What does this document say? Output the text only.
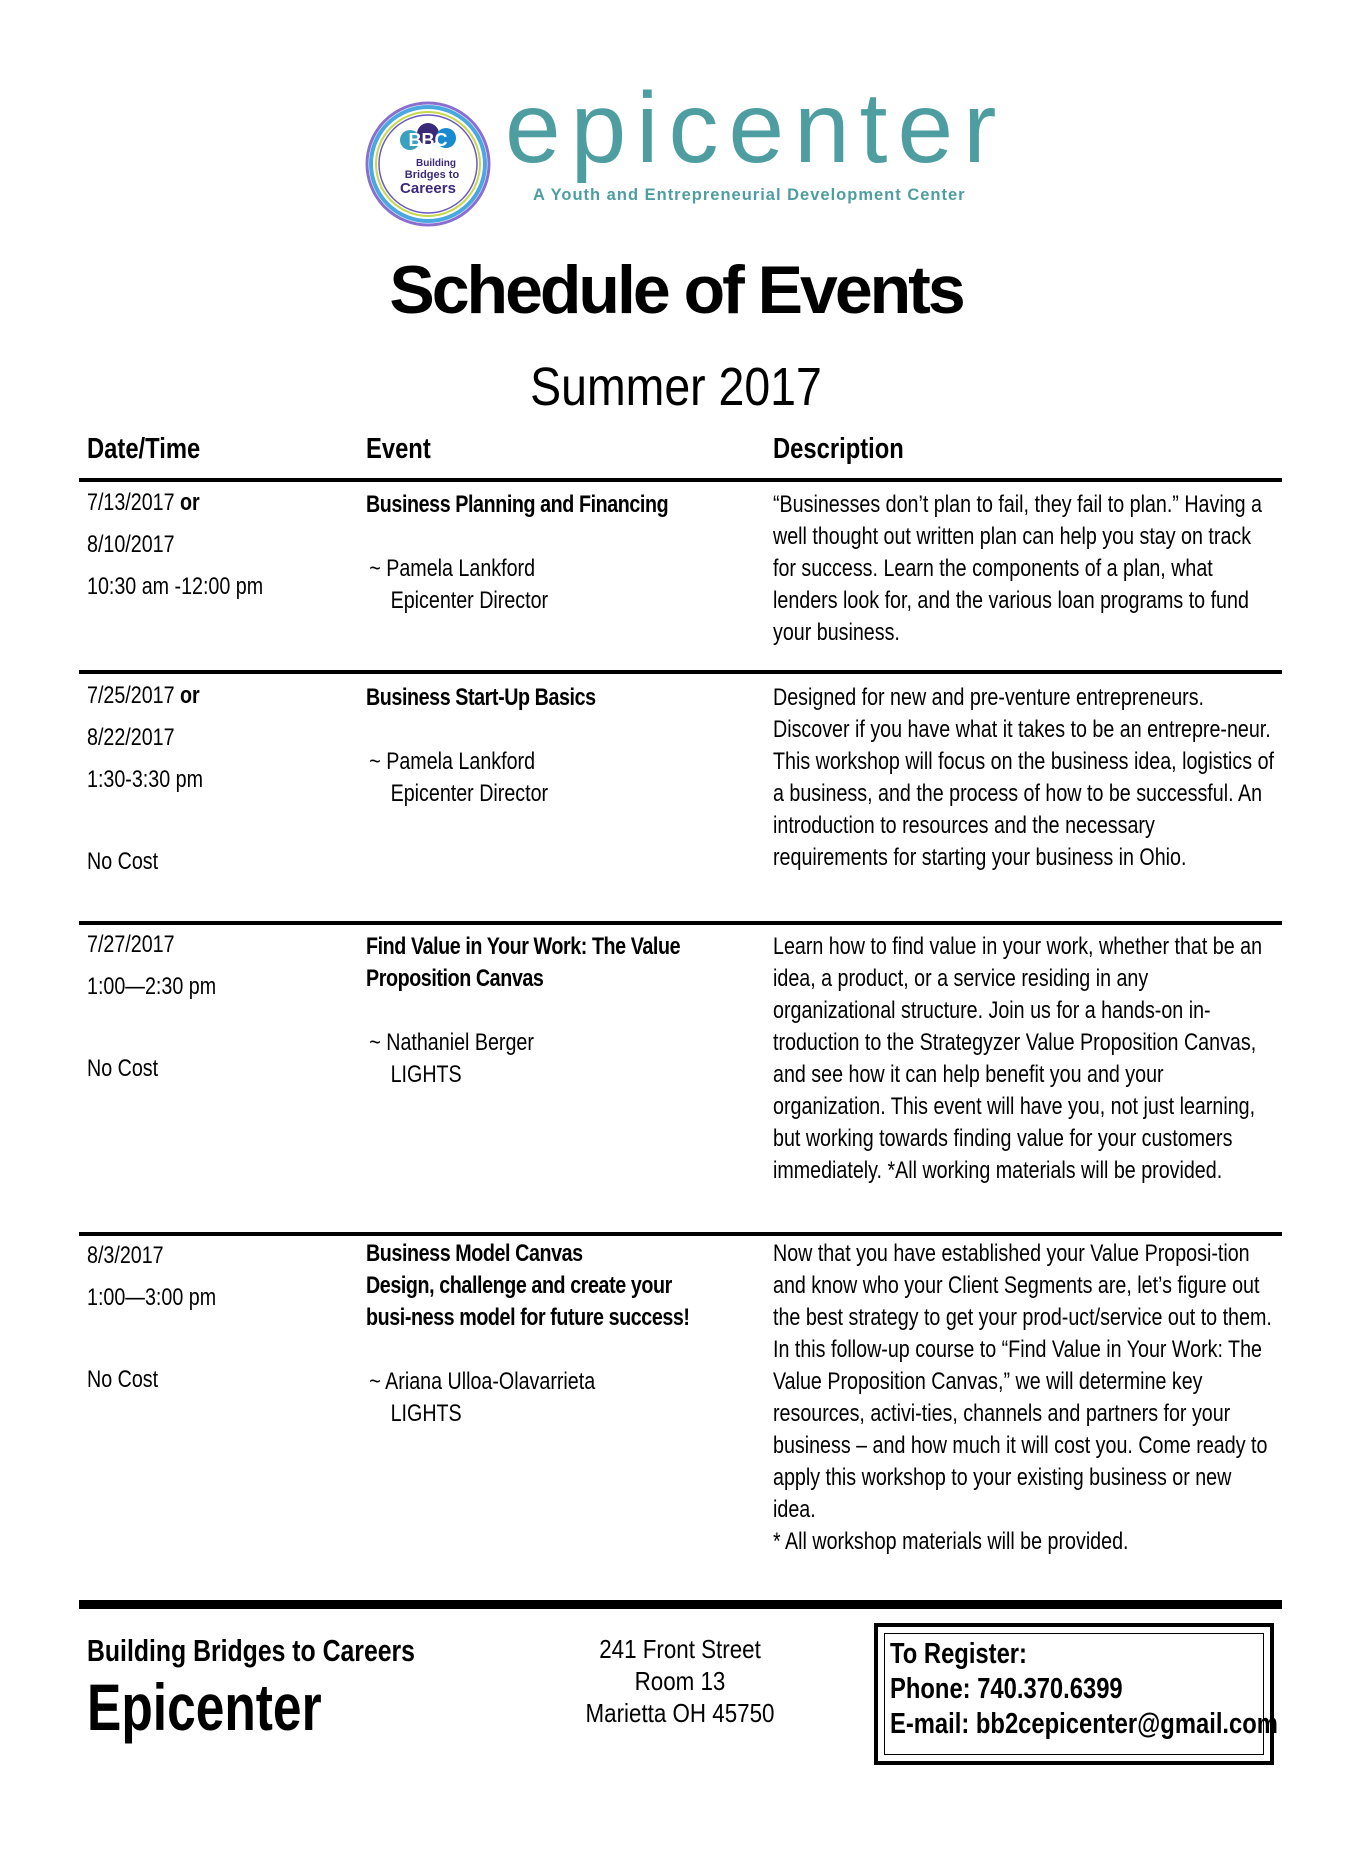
BBC
Building
Bridges to
Careers
epicenter
A Youth and Entrepreneurial Development Center
Schedule of Events
Summer 2017
Date/Time	Event	Description
7/13/2017 or
8/10/2017
10:30 am -12:00 pm
Business Planning and Financing
~ Pamela Lankford
Epicenter Director
“Businesses don’t plan to fail, they fail to plan.” Having a well thought out written plan can help you stay on track for success. Learn the components of a plan, what lenders look for, and the various loan programs to fund your business.
7/25/2017 or
8/22/2017
1:30-3:30 pm

No Cost
Business Start-Up Basics
~ Pamela Lankford
Epicenter Director
Designed for new and pre-venture entrepreneurs. Discover if you have what it takes to be an entrepre-neur. This workshop will focus on the business idea, logistics of a business, and the process of how to be successful. An introduction to resources and the necessary requirements for starting your business in Ohio.
7/27/2017
1:00—2:30 pm

No Cost
Find Value in Your Work: The Value Proposition Canvas
~ Nathaniel Berger
LIGHTS
Learn how to find value in your work, whether that be an idea, a product, or a service residing in any organizational structure. Join us for a hands-on in-troduction to the Strategyzer Value Proposition Canvas, and see how it can help benefit you and your organization. This event will have you, not just learning, but working towards finding value for your customers immediately. *All working materials will be provided.
8/3/2017
1:00—3:00 pm

No Cost
Business Model Canvas
Design, challenge and create your busi-ness model for future success!
~ Ariana Ulloa-Olavarrieta
LIGHTS
Now that you have established your Value Proposi-tion and know who your Client Segments are, let’s figure out the best strategy to get your prod-uct/service out to them. In this follow-up course to “Find Value in Your Work: The Value Proposition Canvas,” we will determine key resources, activi-ties, channels and partners for your business – and how much it will cost you. Come ready to apply this workshop to your existing business or new idea.
* All workshop materials will be provided.
Building Bridges to Careers
Epicenter
241 Front Street
Room 13
Marietta OH 45750
To Register:
Phone: 740.370.6399
E-mail: bb2cepicenter@gmail.com
